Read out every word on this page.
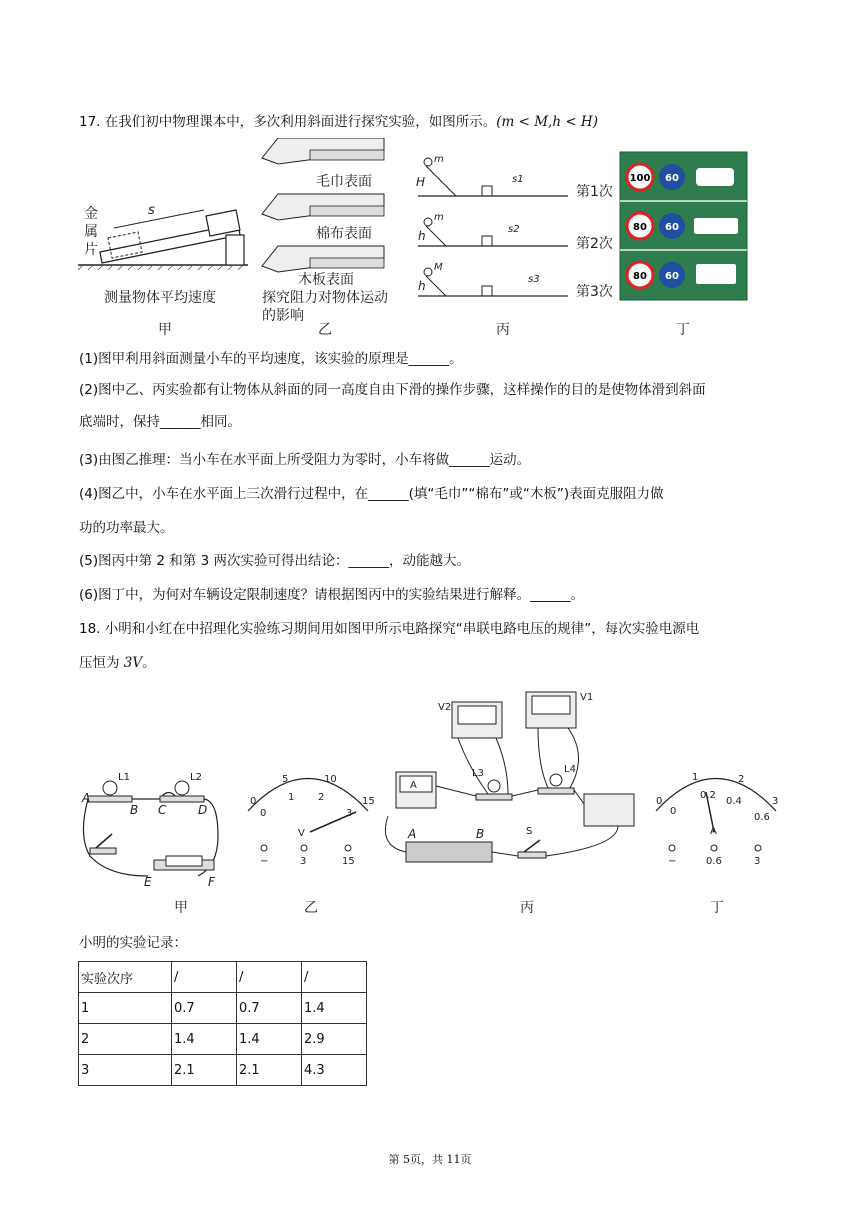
17. 在我们初中物理课本中，多次利用斜面进行探究实验，如图所示。(m < M,h < H)
s
金
属
片
测量物体平均速度
甲
毛巾表面
棉布表面
木板表面
探究阻力对物体运动
的影响
乙
H
m
s1
第1次
h
m
s2
第2次
h
M
s3
第3次
丙
100 60
80 60
80 60
丁
(1)图甲利用斜面测量小车的平均速度，该实验的原理是______。
(2)图中乙、丙实验都有让物体从斜面的同一高度自由下滑的操作步骤，这样操作的目的是使物体滑到斜面
底端时，保持______相同。
(3)由图乙推理：当小车在水平面上所受阻力为零时，小车将做______运动。
(4)图乙中，小车在水平面上三次滑行过程中，在______(填“毛巾”“棉布”或“木板”)表面克服阻力做
功的功率最大。
(5)图丙中第 2 和第 3 两次实验可得出结论：______，动能越大。
(6)图丁中，为何对车辆设定限制速度？请根据图丙中的实验结果进行解释。______。
18. 小明和小红在中招理化实验练习期间用如图甲所示电路探究“串联电路电压的规律”，每次实验电源电
压恒为 3V。
A
B C	D
E	F
L1	L2
甲
0
5	10
15
0
1 2
3
V
−	3	15
乙
V2
V1
L3	L4
A	B	S
A
丙
0
1	2
3
0
0.2
0.4
0.6
A
−	0.6	3
丁
小明的实验记录：
实验次序	/	/	/
1	0.7	0.7	1.4
2	1.4	1.4	2.9
3	2.1	2.1	4.3
第 5页，共 11页
